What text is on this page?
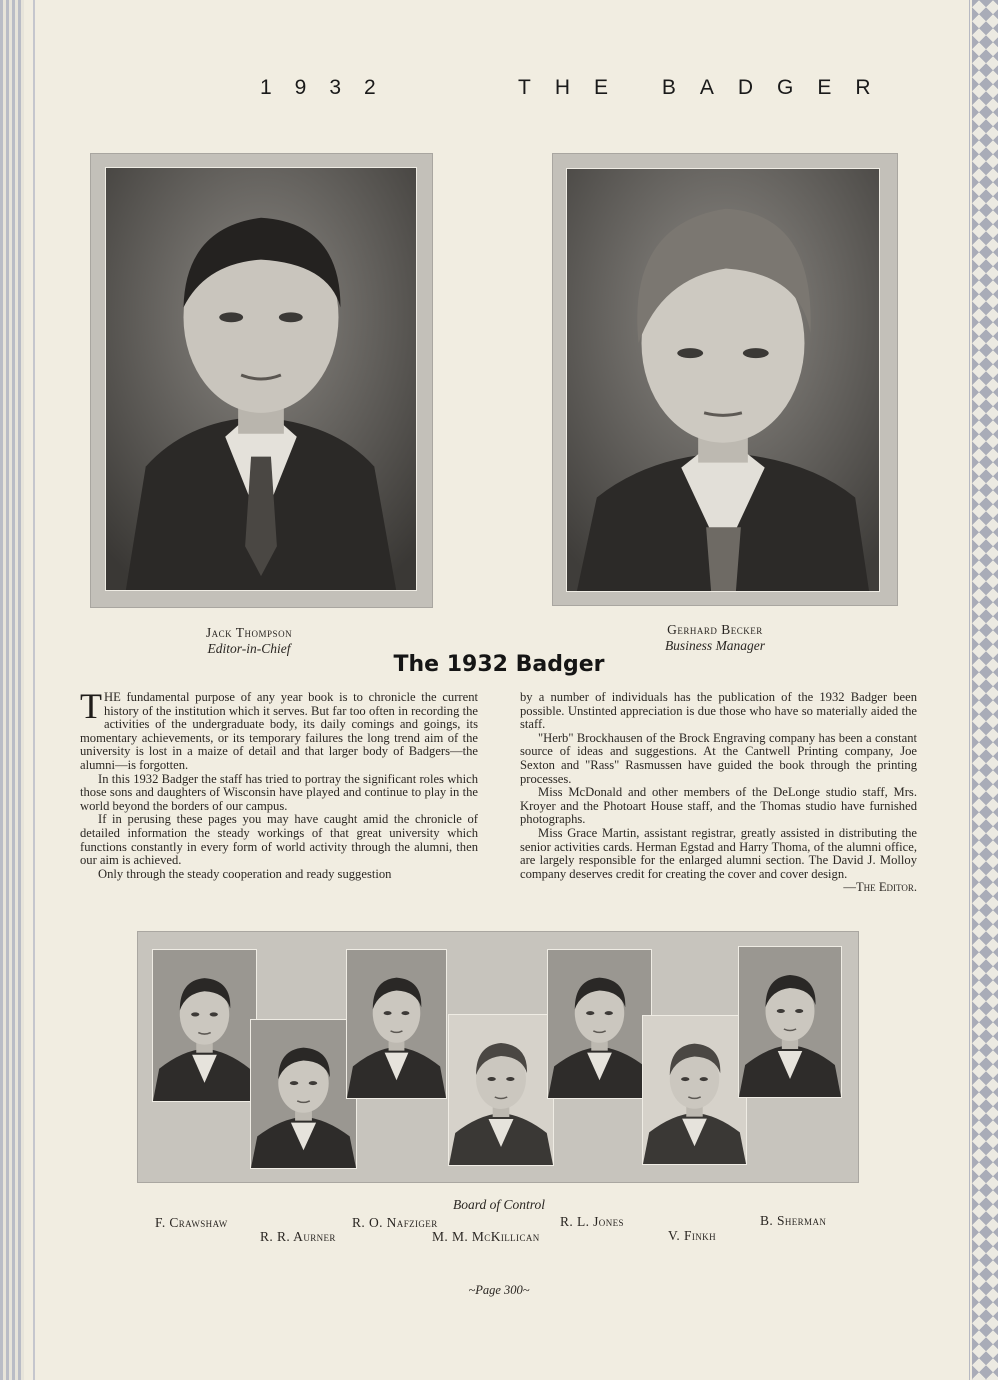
1932	THE BADGER
Jack Thompson
Editor-in-Chief
Gerhard Becker
Business Manager
The 1932 Badger

THE fundamental purpose of any year book is to chronicle the current history of the institution which it serves. But far too often in recording the activities of the undergraduate body, its daily comings and goings, its momentary achievements, or its temporary failures the long trend aim of the university is lost in a maize of detail and that larger body of Badgers—the alumni—is forgotten.

In this 1932 Badger the staff has tried to portray the significant roles which those sons and daughters of Wisconsin have played and continue to play in the world beyond the borders of our campus.

If in perusing these pages you may have caught amid the chronicle of detailed information the steady workings of that great university which functions constantly in every form of world activity through the alumni, then our aim is achieved.

Only through the steady cooperation and ready suggestion

by a number of individuals has the publication of the 1932 Badger been possible. Unstinted appreciation is due those who have so materially aided the staff.

"Herb" Brockhausen of the Brock Engraving company has been a constant source of ideas and suggestions. At the Cantwell Printing company, Joe Sexton and "Rass" Rasmussen have guided the book through the printing processes.

Miss McDonald and other members of the DeLonge studio staff, Mrs. Kroyer and the Photoart House staff, and the Thomas studio have furnished photographs.

Miss Grace Martin, assistant registrar, greatly assisted in distributing the senior activities cards. Herman Egstad and Harry Thoma, of the alumni office, are largely responsible for the enlarged alumni section. The David J. Molloy company deserves credit for creating the cover and cover design.

—The Editor.
Board of Control
F. Crawshaw
R. R. Aurner
R. O. Nafziger
M. M. McKillican
R. L. Jones
V. Finkh
B. Sherman
~Page 300~
